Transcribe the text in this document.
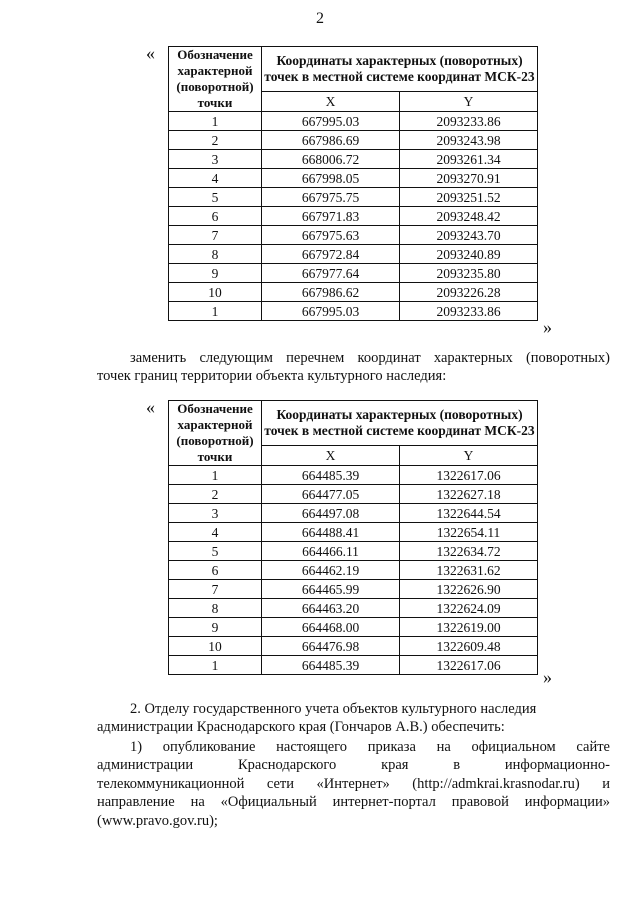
2
« Обозначение характерной (поворотной) точки	Координаты характерных (поворотных) точек в местной системе координат МСК-23	
	X	Y
1	667995.03	2093233.86
2	667986.69	2093243.98
3	668006.72	2093261.34
4	667998.05	2093270.91
5	667975.75	2093251.52
6	667971.83	2093248.42
7	667975.63	2093243.70
8	667972.84	2093240.89
9	667977.64	2093235.80
10	667986.62	2093226.28
1	667995.03	2093233.86
»

заменить следующим перечнем координат характерных (поворотных)

точек границ территории объекта культурного наследия:

« Обозначение характерной (поворотной) точки	Координаты характерных (поворотных) точек в местной системе координат МСК-23	
	X	Y
1	664485.39	1322617.06
2	664477.05	1322627.18
3	664497.08	1322644.54
4	664488.41	1322654.11
5	664466.11	1322634.72
6	664462.19	1322631.62
7	664465.99	1322626.90
8	664463.20	1322624.09
9	664468.00	1322619.00
10	664476.98	1322609.48
1	664485.39	1322617.06
»

2. Отделу государственного учета объектов культурного наследия

администрации Краснодарского края (Гончаров А.В.) обеспечить:

1) опубликование настоящего приказа на официальном сайте

администрации Краснодарского края в информационно-

телекоммуникационной сети «Интернет» (http://admkrai.krasnodar.ru) и

направление на «Официальный интернет-портал правовой информации»

(www.pravo.gov.ru);
